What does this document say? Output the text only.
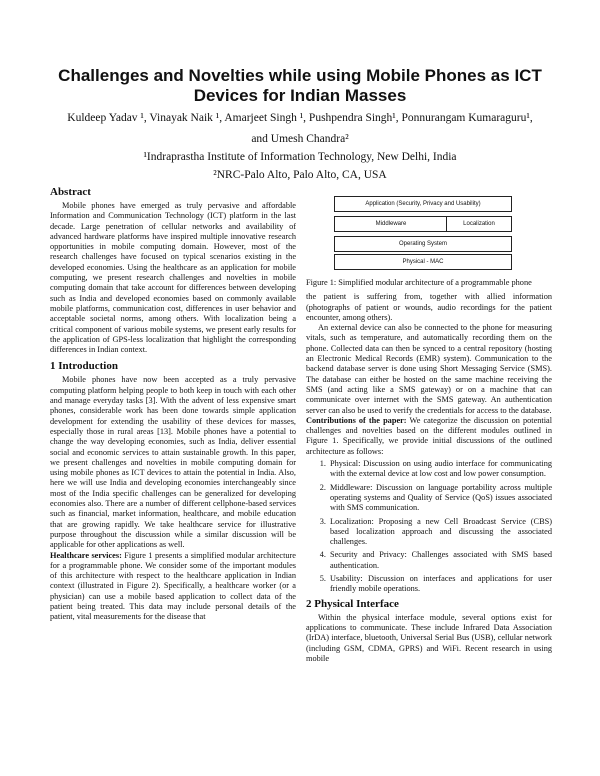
Challenges and Novelties while using Mobile Phones as ICT Devices for Indian Masses
Kuldeep Yadav ¹, Vinayak Naik ¹, Amarjeet Singh ¹, Pushpendra Singh¹, Ponnurangam Kumaraguru¹,
and Umesh Chandra²
¹Indraprastha Institute of Information Technology, New Delhi, India
²NRC-Palo Alto, Palo Alto, CA, USA
Abstract

Mobile phones have emerged as truly pervasive and affordable Information and Communication Technology (ICT) platform in the last decade. Large penetration of cellular networks and availability of advanced hardware platforms have inspired multiple innovative research opportunities in mobile computing domain. However, most of the research challenges have focused on typical scenarios existing in the developed economies. Using the healthcare as an application for mobile computing, we present research challenges and novelties in mobile computing domain that take account for differences between developing such as India and developed economies based on commonly available mobile platforms, communication cost, differences in user behavior and acceptable societal norms, among others. With localization being a critical component of various mobile systems, we present early results for the application of GPS-less localization that highlight the corresponding differences in Indian context.

1 Introduction

Mobile phones have now been accepted as a truly pervasive computing platform helping people to both keep in touch with each other and manage everyday tasks [3]. With the advent of less expensive smart phones, considerable work has been done towards simple application development for extending the usability of these devices for masses, especially those in rural areas [13]. Mobile phones have a potential to change the way developing economies, such as India, deliver essential social and economic services to attain sustainable growth. In this paper, we present challenges and novelties in mobile computing domain for using mobile phones as ICT devices to attain the potential in India. Also, here we will use India and developing economies interchangeably since most of the India specific challenges can be generalized for developing economies also. There are a number of different cellphone-based services such as financial, market information, healthcare, and mobile education that are growing rapidly. We take healthcare service for illustrative purpose throughout the discussion while a similar discussion will be applicable for other applications as well.

Healthcare services: Figure 1 presents a simplified modular architecture for a programmable phone. We consider some of the important modules of this architecture with respect to the healthcare application in Indian context (illustrated in Figure 2). Specifically, a healthcare worker (or a physician) can use a mobile based application to collect data of the patient being treated. This data may include personal details of the patient, vital measurements for the disease that

Application (Security, Privacy and Usability)
Middleware	Localization
Operating System
Physical - MAC

Figure 1: Simplified modular architecture of a programmable phone

the patient is suffering from, together with allied information (photographs of patient or wounds, audio recordings for the patient encounter, among others).

An external device can also be connected to the phone for measuring vitals, such as temperature, and automatically recording them on the phone. Collected data can then be synced to a central repository (hosting an Electronic Medical Records (EMR) system). Communication to the backend database server is done using Short Messaging Service (SMS). The database can either be hosted on the same machine receiving the SMS (and acting like a SMS gateway) or on a machine that can communicate over internet with the SMS gateway. An authentication server can also be used to verify the credentials for access to the database.

Contributions of the paper: We categorize the discussion on potential challenges and novelties based on the different modules outlined in Figure 1. Specifically, we provide initial discussions of the outlined architecture as follows:

1. Physical: Discussion on using audio interface for communicating with the external device at low cost and low power consumption.
2. Middleware: Discussion on language portability across multiple operating systems and Quality of Service (QoS) issues associated with SMS communication.
3. Localization: Proposing a new Cell Broadcast Service (CBS) based localization approach and discussing the associated challenges.
4. Security and Privacy: Challenges associated with SMS based authentication.
5. Usability: Discussion on interfaces and applications for user friendly mobile operations.
2 Physical Interface

Within the physical interface module, several options exist for applications to communicate. These include Infrared Data Association (IrDA) interface, bluetooth, Universal Serial Bus (USB), cellular network (including GSM, CDMA, GPRS) and WiFi. Recent research in using mobile
